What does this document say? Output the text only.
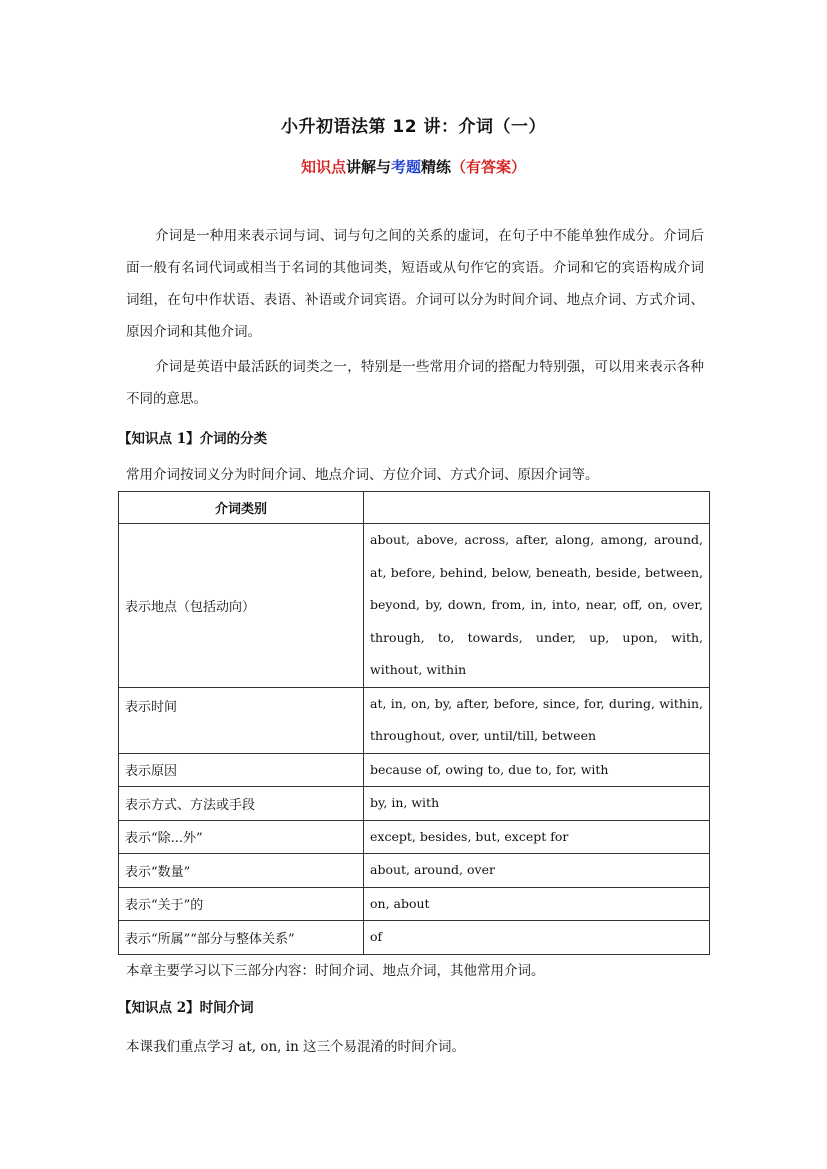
小升初语法第 12 讲：介词（一）

知识点讲解与考题精练（有答案）

介词是一种用来表示词与词、词与句之间的关系的虚词，在句子中不能单独作成分。介词后面一般有名词代词或相当于名词的其他词类，短语或从句作它的宾语。介词和它的宾语构成介词词组，在句中作状语、表语、补语或介词宾语。介词可以分为时间介词、地点介词、方式介词、原因介词和其他介词。

介词是英语中最活跃的词类之一，特别是一些常用介词的搭配力特别强，可以用来表示各种不同的意思。

【知识点 1】介词的分类

常用介词按词义分为时间介词、地点介词、方位介词、方式介词、原因介词等。

介词类别	
表示地点（包括动向）	about, above, across, after, along, among, around, at, before, behind, below, beneath, beside, between, beyond, by, down, from, in, into, near, off, on, over, through, to, towards, under, up, upon, with, without, within
表示时间	at, in, on, by, after, before, since, for, during, within, throughout, over, until/till, between
表示原因	because of, owing to, due to, for, with
表示方式、方法或手段	by, in, with
表示“除...外”	except, besides, but, except for
表示“数量”	about, around, over
表示“关于”的	on, about
表示“所属”“部分与整体关系”	of

本章主要学习以下三部分内容：时间介词、地点介词，其他常用介词。

【知识点 2】时间介词

本课我们重点学习 at, on, in 这三个易混淆的时间介词。
